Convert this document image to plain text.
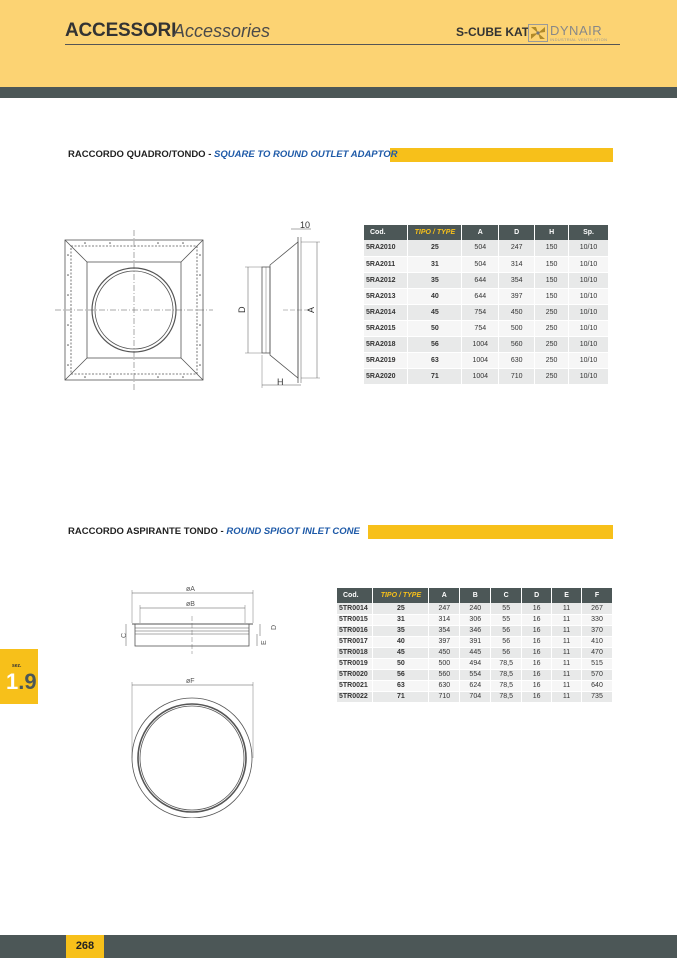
ACCESSORI
Accessories	S-CUBE KAT DYNAIR
INDUSTRIAL VENTILATION
RACCORDO QUADRO/TONDO - SQUARE TO ROUND OUTLET ADAPTOR
10
D	A
H
Cod.	TIPO / TYPE	A	D	H	Sp.
5RA2010	25	504	247	150	10/10
5RA2011	31	504	314	150	10/10
5RA2012	35	644	354	150	10/10
5RA2013	40	644	397	150	10/10
5RA2014	45	754	450	250	10/10
5RA2015	50	754	500	250	10/10
5RA2018	56	1004	560	250	10/10
5RA2019	63	1004	630	250	10/10
5RA2020	71	1004	710	250	10/10
RACCORDO ASPIRANTE TONDO - ROUND SPIGOT INLET CONE
øA
øB
C
D
E
øF
Cod.	TIPO / TYPE	A	B	C	D	E	F
5TR0014	25	247	240	55	16	11	267
5TR0015	31	314	306	55	16	11	330
5TR0016	35	354	346	56	16	11	370
5TR0017	40	397	391	56	16	11	410
5TR0018	45	450	445	56	16	11	470
5TR0019	50	500	494	78,5	16	11	515
5TR0020	56	560	554	78,5	16	11	570
5TR0021	63	630	624	78,5	16	11	640
5TR0022	71	710	704	78,5	16	11	735
sez.
1.9
268
